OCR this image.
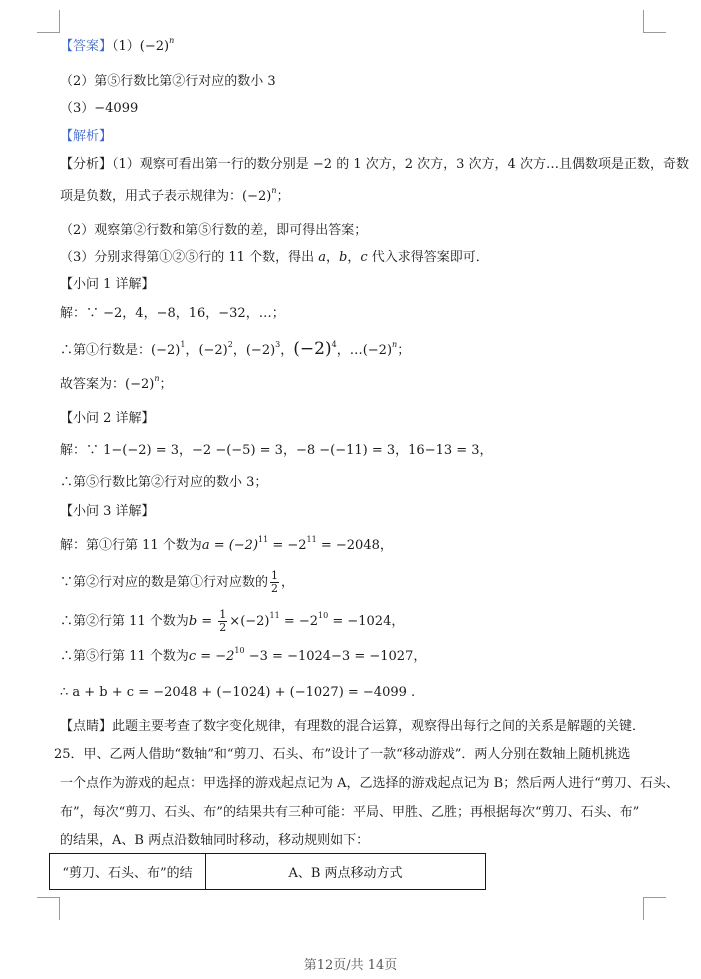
【答案】$(1)(-2)^n$
（2）第⑤行数比第②行对应的数小 3
（3）−4099
【解析】
【分析】（1）观察可看出第一行的数分别是 −2 的 1 次方，2 次方，3 次方，4 次方…且偶数项是正数，奇数
项是负数，用式子表示规律为：$(-2)^n$；
（2）观察第②行数和第⑤行数的差，即可得出答案；
（3）分别求得第①②⑤行的 11 个数，得出 a，b，c 代入求得答案即可．
【小问 1 详解】
解：∵ −2，4，−8，16，−32，…；
∴第①行数是：$(-2)^1$，$(-2)^2$，$(-2)^3$，$(-2)^4$，$\dots(-2)^n$；
故答案为：$(-2)^n$；
【小问 2 详解】
解：∵ 1−(−2) = 3，−2 −(−5) = 3，−8 −(−11) = 3，16−13 = 3，
∴第⑤行数比第②行对应的数小 3；
【小问 3 详解】
解：第①行第 11 个数为$a = (-2)^{11} = -2^{11} = -2048$，
∵第②行对应的数是第①行对应数的 $\frac{1}{2}$ ，
∴第②行第 11 个数为$b = \frac{1}{2} \times(-2)^{11} = -2^{10} = -1024$，
∴第⑤行第 11 个数为$c = -2^{10} -3 = -1024-3 = -1027$，
∴ a + b + c = −2048 + (−1024) + (−1027) = −4099 .
【点睛】此题主要考查了数字变化规律，有理数的混合运算，观察得出每行之间的关系是解题的关键．
25．甲、乙两人借助“数轴”和“剪刀、石头、布”设计了一款“移动游戏”．两人分别在数轴上随机挑选
一个点作为游戏的起点：甲选择的游戏起点记为 A，乙选择的游戏起点记为 B；然后两人进行“剪刀、石头、
布”，每次“剪刀、石头、布”的结果共有三种可能：平局、甲胜、乙胜；再根据每次“剪刀、石头、布”
的结果，A、B 两点沿数轴同时移动，移动规则如下：
“剪刀、石头、布”的结	A、B 两点移动方式
第12页/共 14页
